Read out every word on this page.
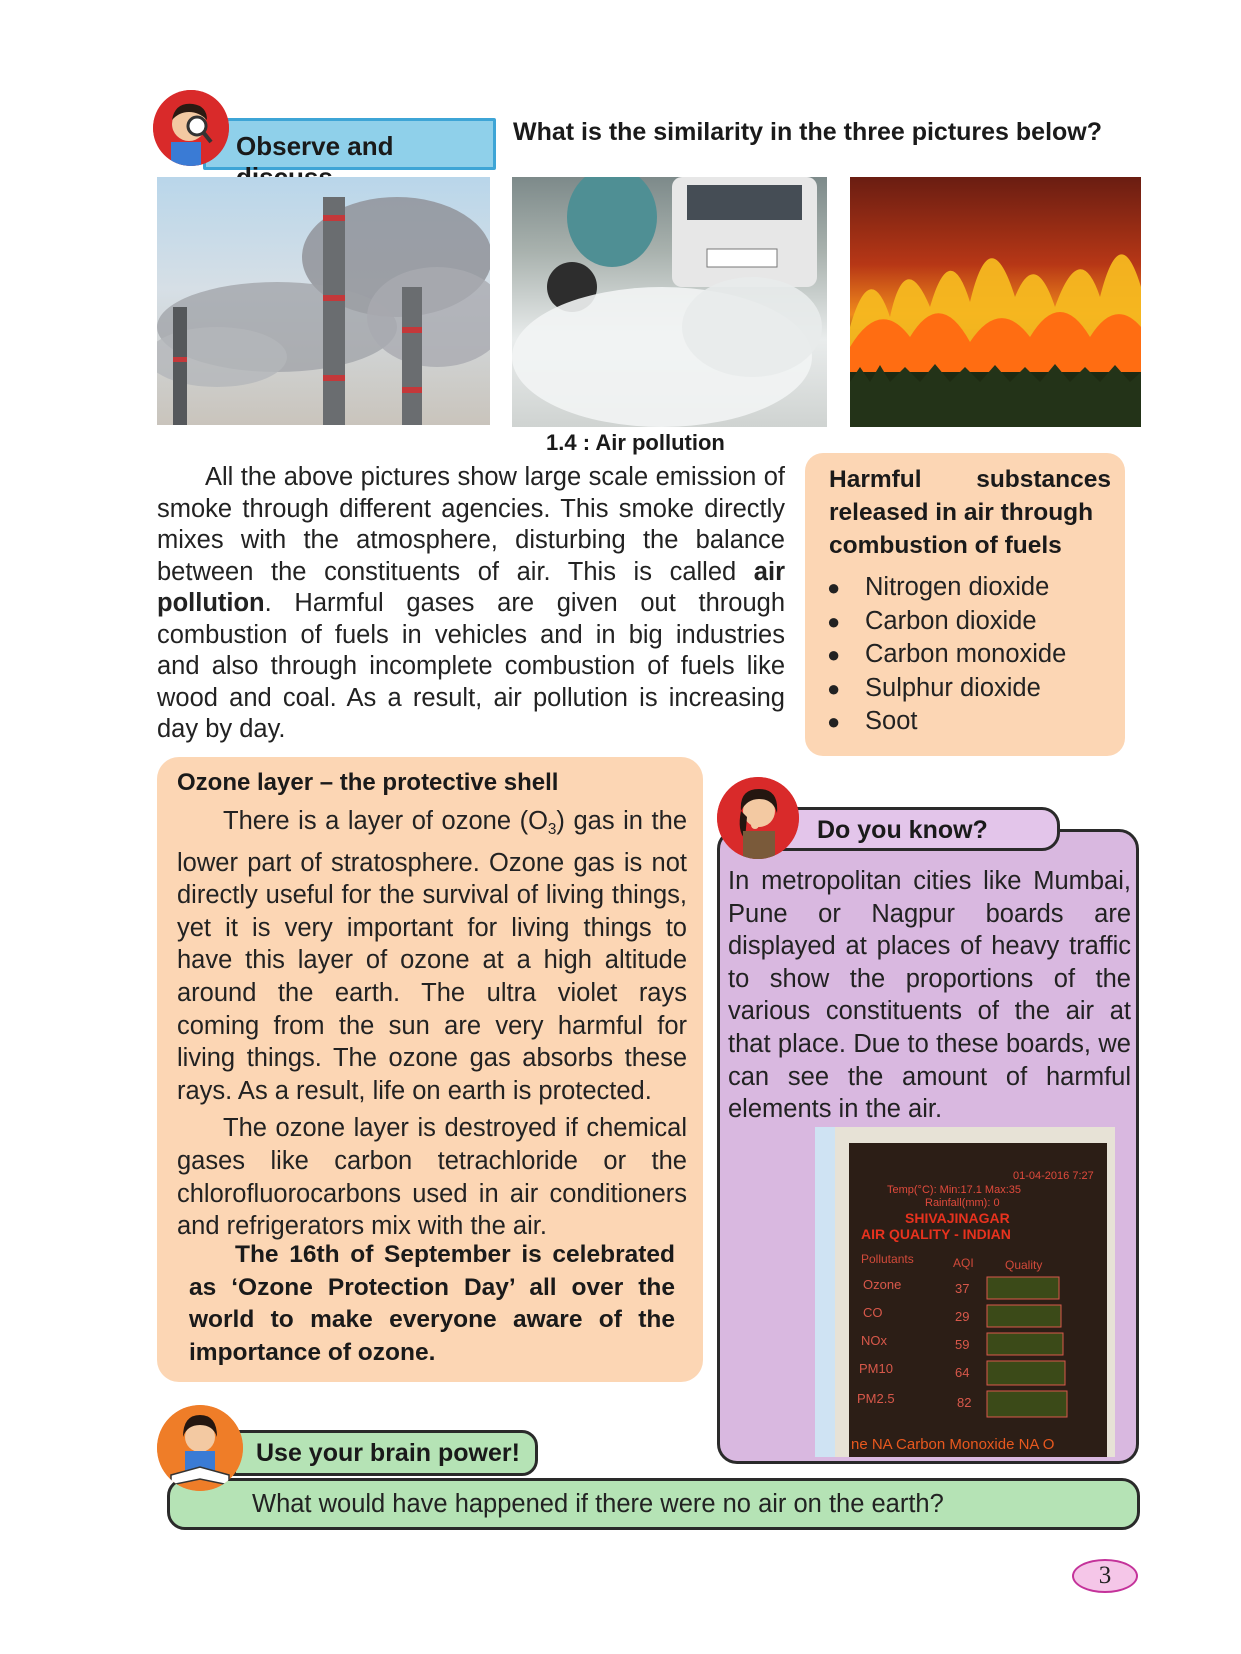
Observe and	What is the similarity in the three pictures below?
1.4 : Air pollution

All the above pictures show large scale emission of smoke through different agencies. This smoke directly mixes with the atmosphere, disturbing the balance between the constituents of air. This is called air pollution. Harmful gases are given out through combustion of fuels in vehicles and in big industries and also through incomplete combustion of fuels like wood and coal. As a result, air pollution is increasing day by day.

Harmful substances
released in air through combustion of fuels
● Nitrogen dioxide
● Carbon dioxide
● Carbon monoxide
● Sulphur dioxide
● Soot
Ozone layer – the protective shell

There is a layer of ozone $(O_3)$ gas in the lower part of stratosphere. Ozone gas is not directly useful for the survival of living things, yet it is very important for living things to have this layer of ozone at a high altitude around the earth. The ultra violet rays coming from the sun are very harmful for living things. The ozone gas absorbs these rays. As a result, life on earth is protected.

The ozone layer is destroyed if chemical gases like carbon tetrachloride or the chlorofluorocarbons used in air conditioners and refrigerators mix with the air.

The 16th of September is celebrated as ‘Ozone Protection Day’ all over the world to make everyone aware of the importance of ozone.
Do you know?
In metropolitan cities like Mumbai, Pune or Nagpur boards are displayed at places of heavy traffic to show the proportions of the various constituents of the air at that place. Due to these boards, we can see the amount of harmful elements in the air.
01-04-2016 7:27
Temp(°C): Min:17.1 Max:35
Rainfall(mm): 0
SHIVAJINAGAR
AIR QUALITY - INDIAN
Pollutants	AQI	Quality
Ozone	37
CO	29
NOx	59
PM10	64
PM2.5	82
ne NA Carbon Monoxide NA O
What would have happened if there were no air on the earth?
Use your brain power!
3
